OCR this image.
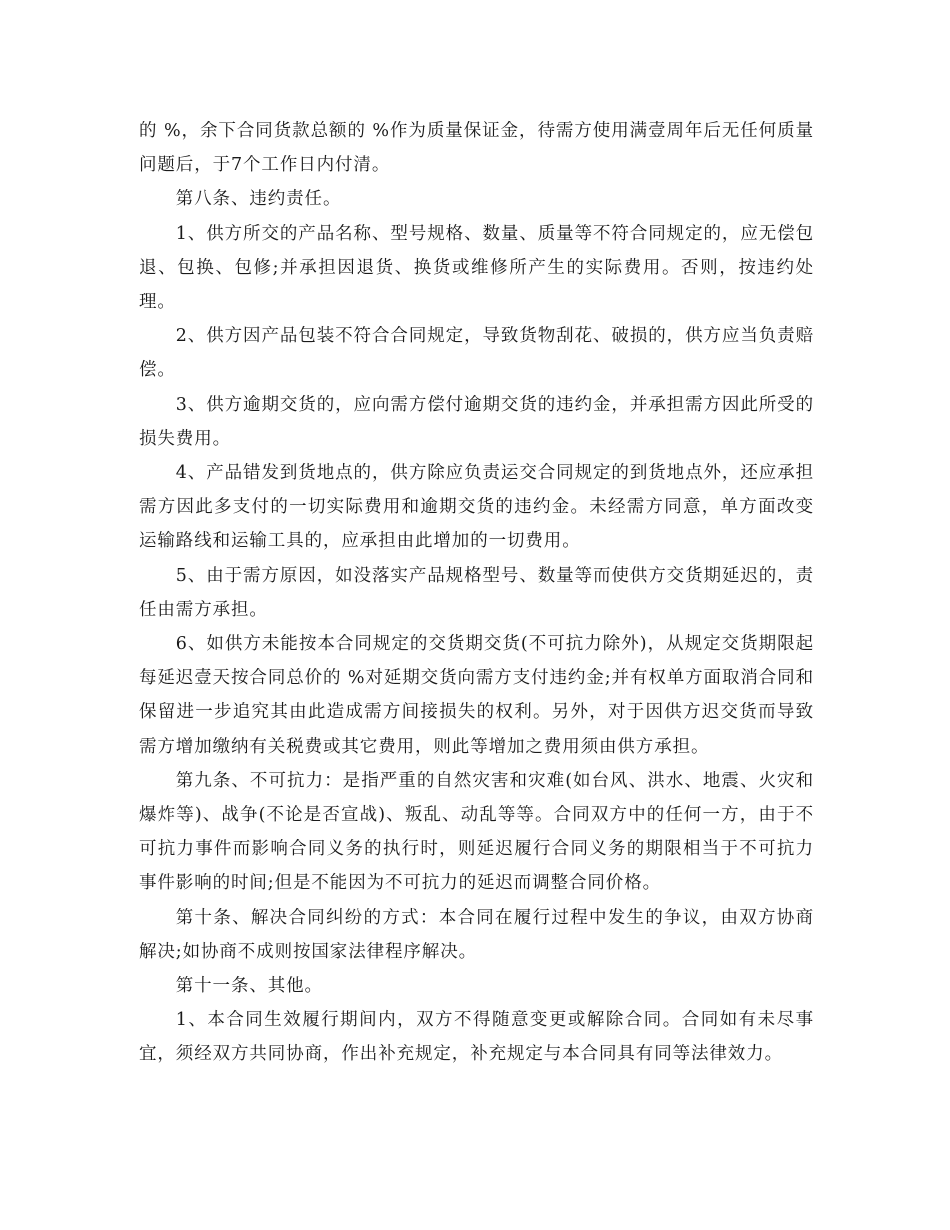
的 %，余下合同货款总额的 %作为质量保证金，待需方使用满壹周年后无任何质量问题后，于7个工作日内付清。

第八条、违约责任。

1、供方所交的产品名称、型号规格、数量、质量等不符合同规定的，应无偿包退、包换、包修;并承担因退货、换货或维修所产生的实际费用。否则，按违约处理。

2、供方因产品包装不符合合同规定，导致货物刮花、破损的，供方应当负责赔偿。

3、供方逾期交货的，应向需方偿付逾期交货的违约金，并承担需方因此所受的损失费用。

4、产品错发到货地点的，供方除应负责运交合同规定的到货地点外，还应承担需方因此多支付的一切实际费用和逾期交货的违约金。未经需方同意，单方面改变运输路线和运输工具的，应承担由此增加的一切费用。

5、由于需方原因，如没落实产品规格型号、数量等而使供方交货期延迟的，责任由需方承担。

6、如供方未能按本合同规定的交货期交货(不可抗力除外)，从规定交货期限起每延迟壹天按合同总价的 %对延期交货向需方支付违约金;并有权单方面取消合同和保留进一步追究其由此造成需方间接损失的权利。另外，对于因供方迟交货而导致需方增加缴纳有关税费或其它费用，则此等增加之费用须由供方承担。

第九条、不可抗力：是指严重的自然灾害和灾难(如台风、洪水、地震、火灾和爆炸等)、战争(不论是否宣战)、叛乱、动乱等等。合同双方中的任何一方，由于不可抗力事件而影响合同义务的执行时，则延迟履行合同义务的期限相当于不可抗力事件影响的时间;但是不能因为不可抗力的延迟而调整合同价格。

第十条、解决合同纠纷的方式：本合同在履行过程中发生的争议，由双方协商解决;如协商不成则按国家法律程序解决。

第十一条、其他。

1、本合同生效履行期间内，双方不得随意变更或解除合同。合同如有未尽事宜，须经双方共同协商，作出补充规定，补充规定与本合同具有同等法律效力。
